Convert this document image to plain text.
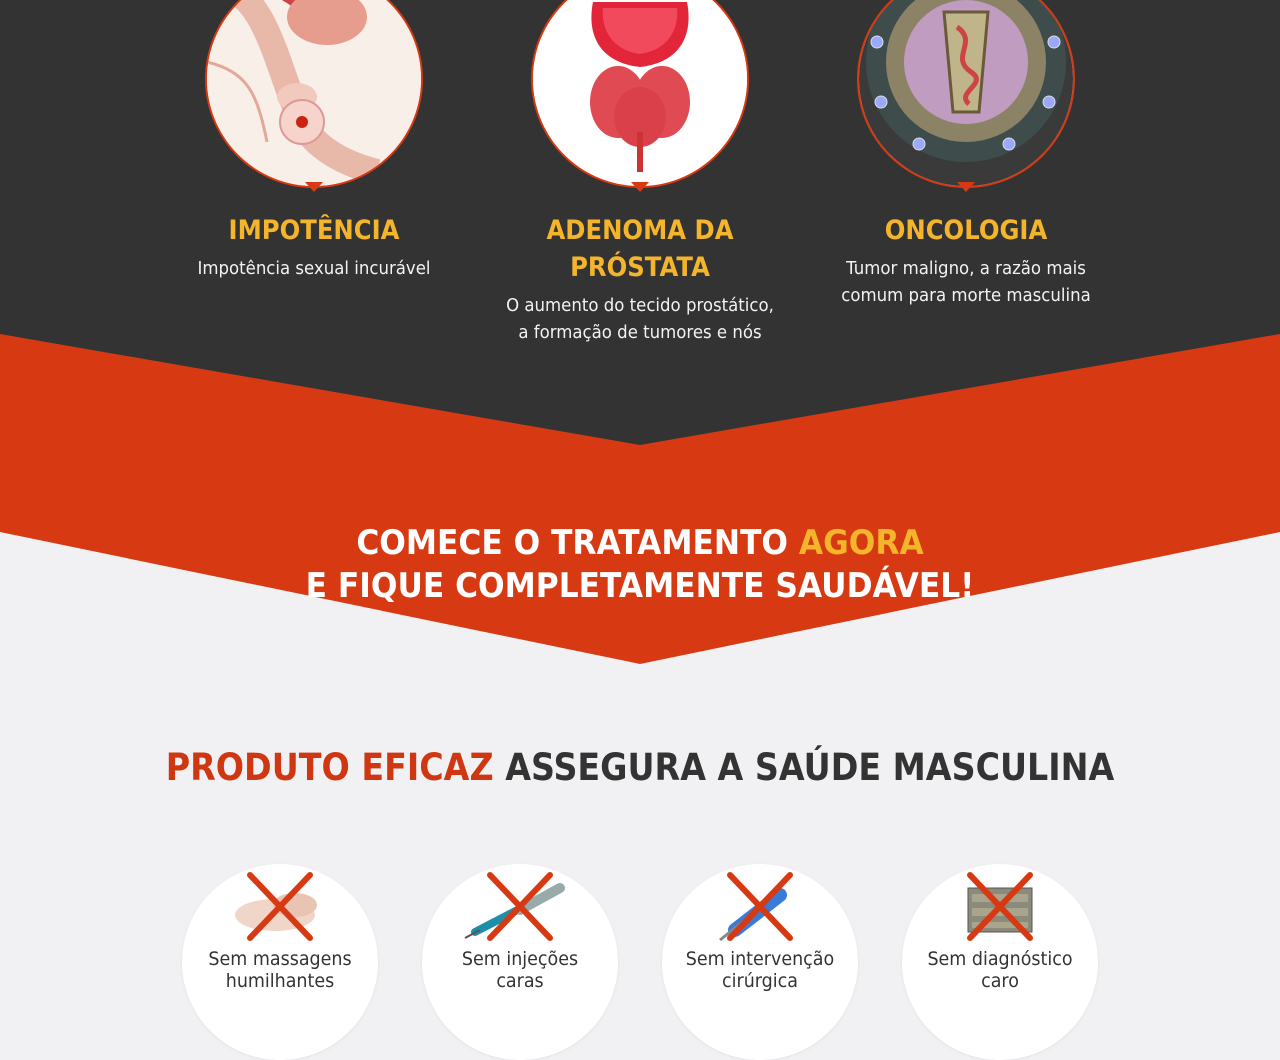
IMPOTÊNCIA
Impotência sexual incurável
ADENOMA DA
PRÓSTATA
O aumento do tecido prostático,
a formação de tumores e nós
ONCOLOGIA
Tumor maligno, a razão mais
comum para morte masculina
COMECE O TRATAMENTO AGORA
E FIQUE COMPLETAMENTE SAUDÁVEL!
PRODUTO EFICAZ ASSEGURA A SAÚDE MASCULINA
Sem massagens
humilhantes
Sem injeções
caras
Sem intervenção
cirúrgica
Sem diagnóstico
caro
